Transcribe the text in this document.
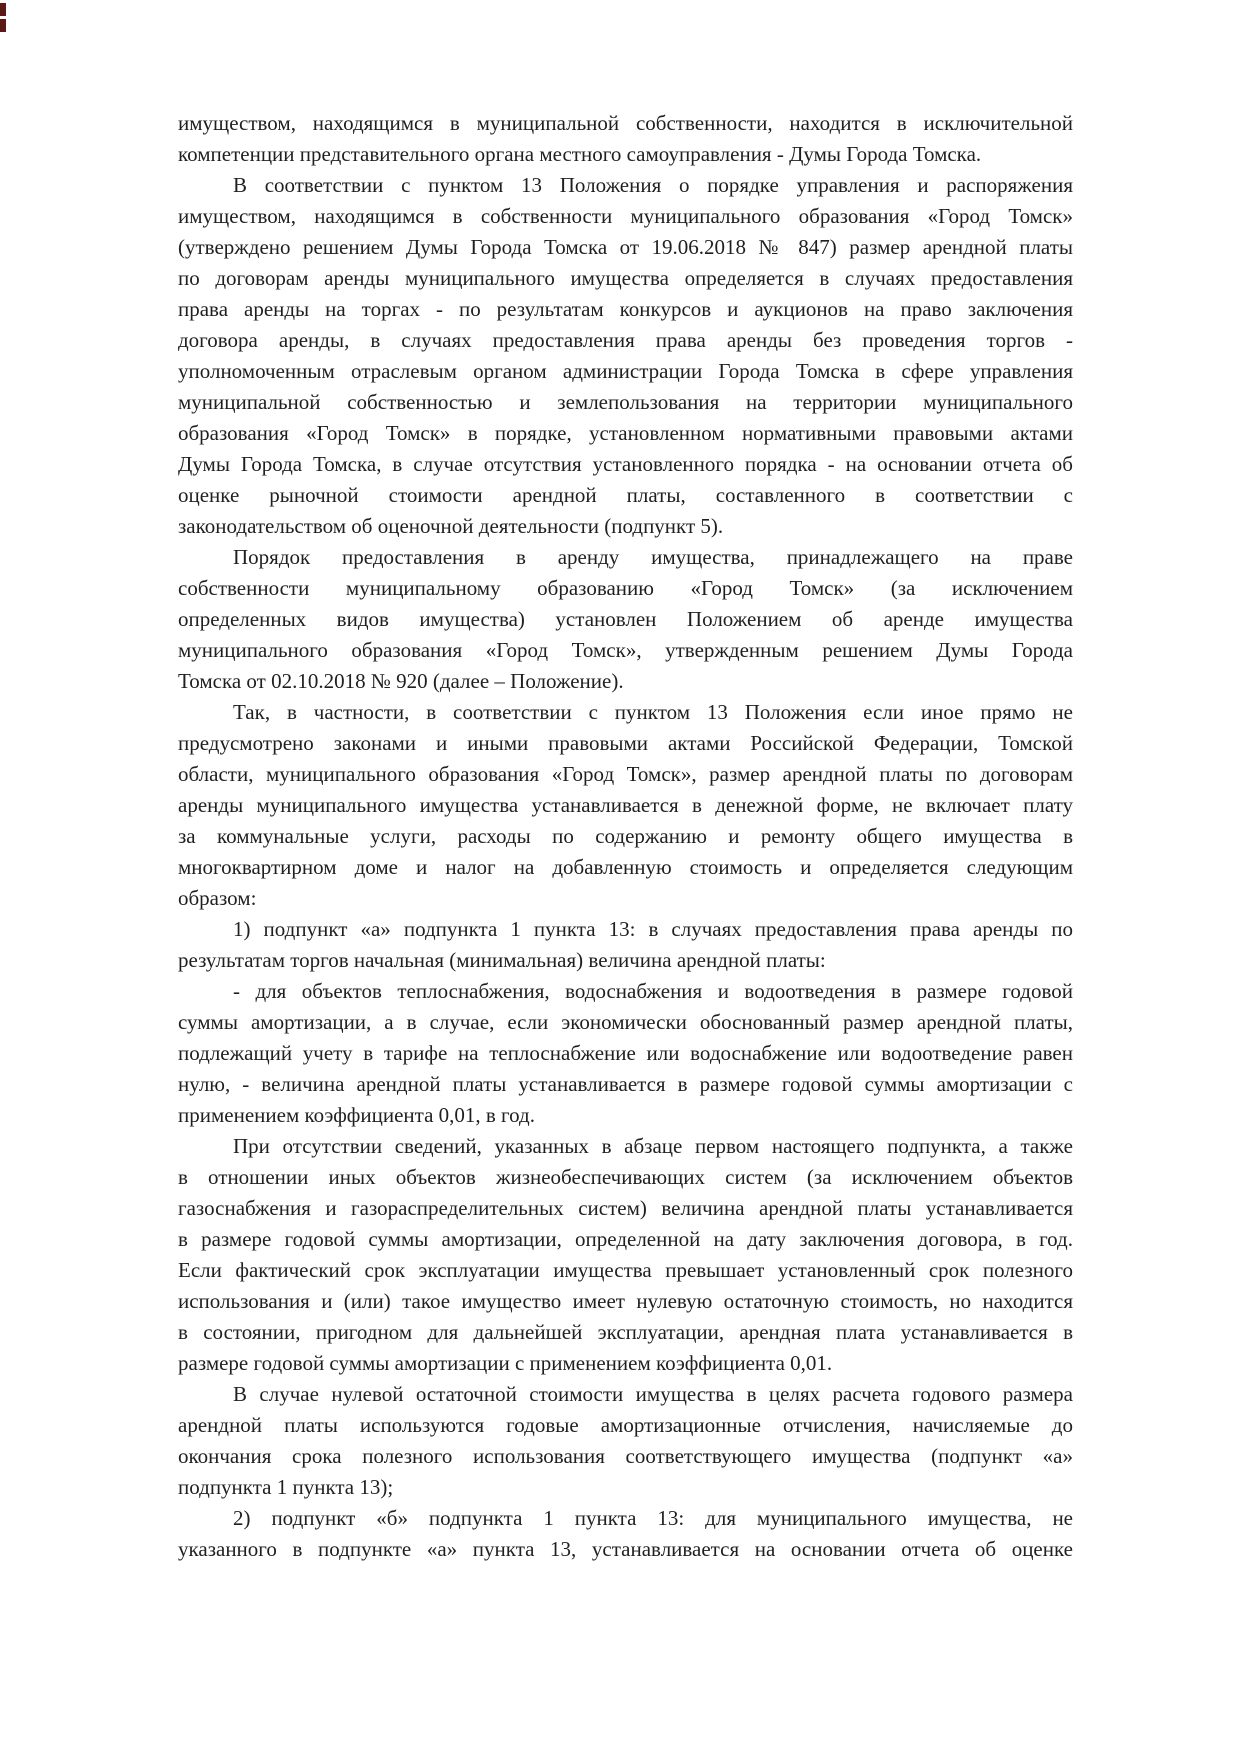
имуществом, находящимся в муниципальной собственности, находится в исключительной
компетенции представительного органа местного самоуправления - Думы Города Томска.
В соответствии с пунктом 13 Положения о порядке управления и распоряжения
имуществом, находящимся в собственности муниципального образования «Город Томск»
(утверждено решением Думы Города Томска от 19.06.2018 № 847) размер арендной платы
по договорам аренды муниципального имущества определяется в случаях предоставления
права аренды на торгах - по результатам конкурсов и аукционов на право заключения
договора аренды, в случаях предоставления права аренды без проведения торгов -
уполномоченным отраслевым органом администрации Города Томска в сфере управления
муниципальной собственностью и землепользования на территории муниципального
образования «Город Томск» в порядке, установленном нормативными правовыми актами
Думы Города Томска, в случае отсутствия установленного порядка - на основании отчета об
оценке рыночной стоимости арендной платы, составленного в соответствии с
законодательством об оценочной деятельности (подпункт 5).
Порядок предоставления в аренду имущества, принадлежащего на праве
собственности муниципальному образованию «Город Томск» (за исключением
определенных видов имущества) установлен Положением об аренде имущества
муниципального образования «Город Томск», утвержденным решением Думы Города
Томска от 02.10.2018 № 920 (далее – Положение).
Так, в частности, в соответствии с пунктом 13 Положения если иное прямо не
предусмотрено законами и иными правовыми актами Российской Федерации, Томской
области, муниципального образования «Город Томск», размер арендной платы по договорам
аренды муниципального имущества устанавливается в денежной форме, не включает плату
за коммунальные услуги, расходы по содержанию и ремонту общего имущества в
многоквартирном доме и налог на добавленную стоимость и определяется следующим
образом:
1) подпункт «а» подпункта 1 пункта 13: в случаях предоставления права аренды по
результатам торгов начальная (минимальная) величина арендной платы:
- для объектов теплоснабжения, водоснабжения и водоотведения в размере годовой
суммы амортизации, а в случае, если экономически обоснованный размер арендной платы,
подлежащий учету в тарифе на теплоснабжение или водоснабжение или водоотведение равен
нулю, - величина арендной платы устанавливается в размере годовой суммы амортизации с
применением коэффициента 0,01, в год.
При отсутствии сведений, указанных в абзаце первом настоящего подпункта, а также
в отношении иных объектов жизнеобеспечивающих систем (за исключением объектов
газоснабжения и газораспределительных систем) величина арендной платы устанавливается
в размере годовой суммы амортизации, определенной на дату заключения договора, в год.
Если фактический срок эксплуатации имущества превышает установленный срок полезного
использования и (или) такое имущество имеет нулевую остаточную стоимость, но находится
в состоянии, пригодном для дальнейшей эксплуатации, арендная плата устанавливается в
размере годовой суммы амортизации с применением коэффициента 0,01.
В случае нулевой остаточной стоимости имущества в целях расчета годового размера
арендной платы используются годовые амортизационные отчисления, начисляемые до
окончания срока полезного использования соответствующего имущества (подпункт «а»
подпункта 1 пункта 13);
2) подпункт «б» подпункта 1 пункта 13: для муниципального имущества, не
указанного в подпункте «а» пункта 13, устанавливается на основании отчета об оценке
